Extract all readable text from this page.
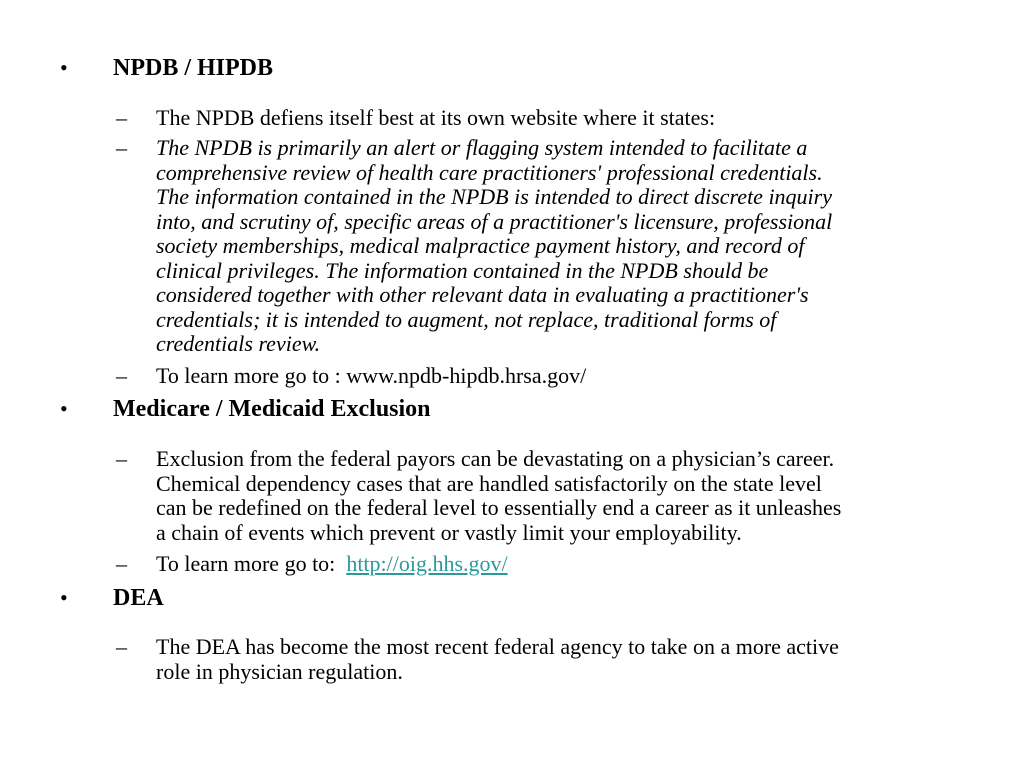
• NPDB / HIPDB
– The NPDB defiens itself best at its own website where it states:
– The NPDB is primarily an alert or flagging system intended to facilitate a
comprehensive review of health care practitioners' professional credentials.
The information contained in the NPDB is intended to direct discrete inquiry
into, and scrutiny of, specific areas of a practitioner's licensure, professional
society memberships, medical malpractice payment history, and record of
clinical privileges. The information contained in the NPDB should be
considered together with other relevant data in evaluating a practitioner's
credentials; it is intended to augment, not replace, traditional forms of
credentials review.
– To learn more go to : www.npdb-hipdb.hrsa.gov/
• Medicare / Medicaid Exclusion
– Exclusion from the federal payors can be devastating on a physician’s career.
Chemical dependency cases that are handled satisfactorily on the state level
can be redefined on the federal level to essentially end a career as it unleashes
a chain of events which prevent or vastly limit your employability.
– To learn more go to:  http://oig.hhs.gov/
• DEA
– The DEA has become the most recent federal agency to take on a more active
role in physician regulation.
